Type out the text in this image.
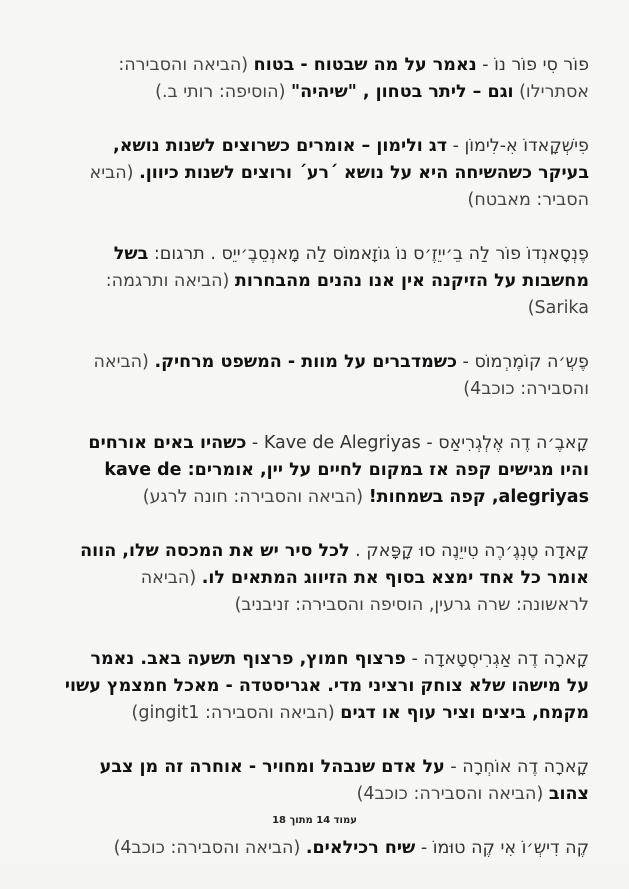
פוֹר סִי פוֹר נוֹ - נאמר על מה שבטוח - בטוח (הביאה והסבירה: אסתרילו) וגם – ליתר בטחון , "שיהיה" (הוסיפה: רותי ב.)

פִישְׁקָאדוֹ אִ-לִימוֹן - דג ולימון – אומרים כשרוצים לשנות נושא, בעיקר כשהשיחה היא על נושא ´רע´ ורוצים לשנות כיוון. (הביא הסביר: מאבטח)

פֶנְסָאנְדוֹ פוֹר לַה בֵ׳ייֵזֶ׳ס נוֹ גוֹזָאמוֹס לַה מָאנְסֵבֶ׳ייֵס . תרגום: בשל מחשבות על הזיקנה אין אנו נהנים מהבחרות (הביאה ותרגמה: Sarika)

פֶשְ׳ה קוֹמֶרְמוֹס - כשמדברים על מוות - המשפט מרחיק. (הביאה והסבירה: כוכב4)

קָאבֶ׳ה דֶה אֶלְגְרִיאַס - Kave de Alegriyas - כשהיו באים אורחים והיו מגישים קפה אז במקום לחיים על יין, אומרים: kave de alegriyas, קפה בשמחות! (הביאה והסבירה: חונה לרגע)

קָאדָה טֶנְגֶ׳רֶה טִייֵנֶה סוּ קָפָּאק . לכל סיר יש את המכסה שלו, הווה אומר כל אחד ימצא בסוף את הזיווג המתאים לו. (הביאה לראשונה: שרה גרעין, הוסיפה והסבירה: זניבניב)

קָארָה דֶה אַגְרִיסְטָאדָה - פרצוף חמוץ, פרצוף תשעה באב. נאמר על מישהו שלא צוחק ורציני מדי. אגריסטדה - מאכל חמצמץ עשוי מקמח, ביצים וציר עוף או דגים (הביאה והסבירה: gingit1)

קָארָה דֶה אוֹחְרָה - על אדם שנבהל ומחויר - אוחרה זה מן צבע צהוב (הביאה והסבירה: כוכב4)

קֶה דִישְ׳וֹ אִי קֶה טוּמוֹ - שיח רכילאים. (הביאה והסבירה: כוכב4)

עמוד 14 מתוך 18
